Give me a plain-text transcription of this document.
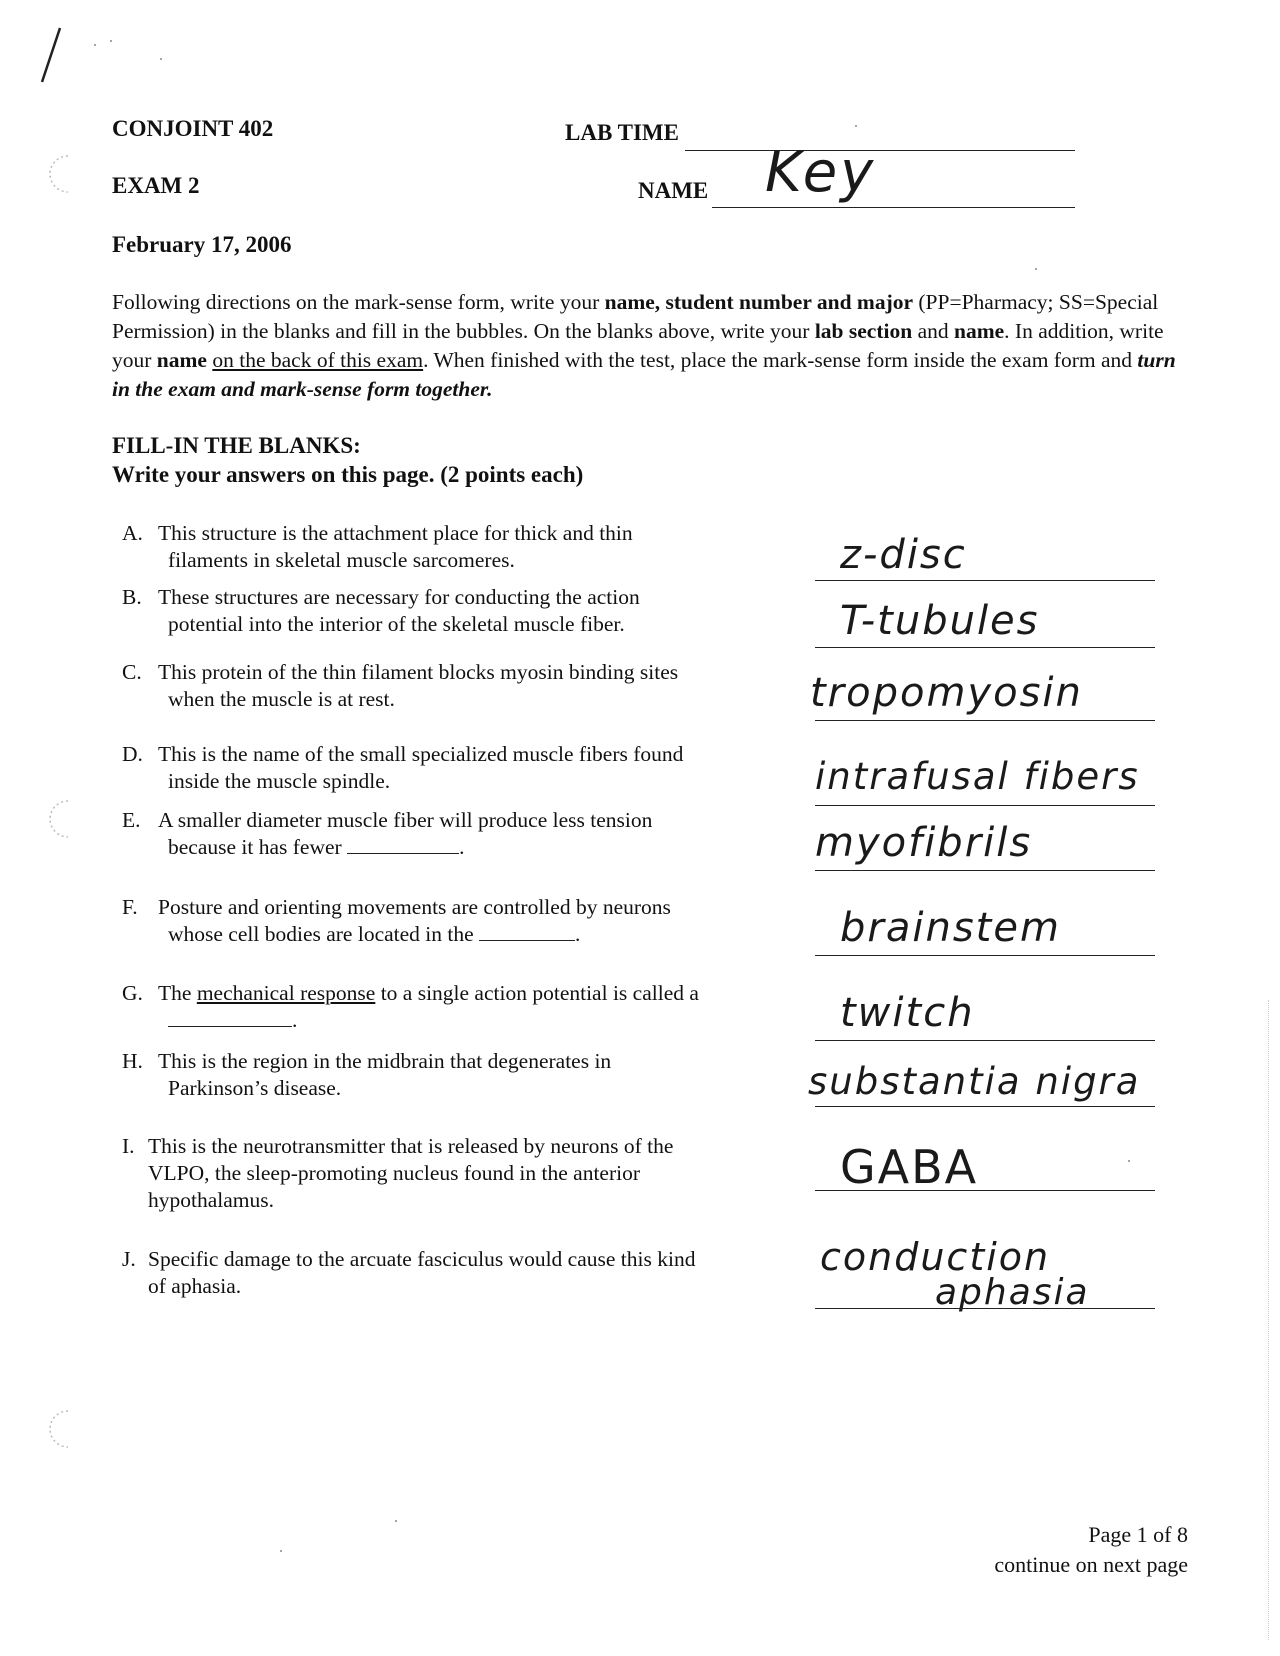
CONJOINT 402
EXAM 2
February 17, 2006
LAB TIME
NAME Key
Following directions on the mark-sense form, write your name, student number and major (PP=Pharmacy; SS=Special Permission) in the blanks and fill in the bubbles. On the blanks above, write your lab section and name. In addition, write your name on the back of this exam. When finished with the test, place the mark-sense form inside the exam form and turn in the exam and mark-sense form together.
FILL-IN THE BLANKS:
Write your answers on this page. (2 points each)
A. This structure is the attachment place for thick and thin
filaments in skeletal muscle sarcomeres.	z-disc
B. These structures are necessary for conducting the action
potential into the interior of the skeletal muscle fiber.	T-tubules
C. This protein of the thin filament blocks myosin binding sites
when the muscle is at rest.	tropomyosin
D. This is the name of the small specialized muscle fibers found
inside the muscle spindle.	intrafusal fibers
E. A smaller diameter muscle fiber will produce less tension
because it has fewer	.	myofibrils
F. Posture and orienting movements are controlled by neurons
whose cell bodies are located in the	.	brainstem
G. The mechanical response to a single action potential is called a
.	twitch
H. This is the region in the midbrain that degenerates in
Parkinson’s disease.	substantia nigra
I. This is the neurotransmitter that is released by neurons of the
VLPO, the sleep-promoting nucleus found in the anterior
hypothalamus.
GABA
J. Specific damage to the arcuate fasciculus would cause this kind
of aphasia.
conduction
aphasia
Page 1 of 8
continue on next page
